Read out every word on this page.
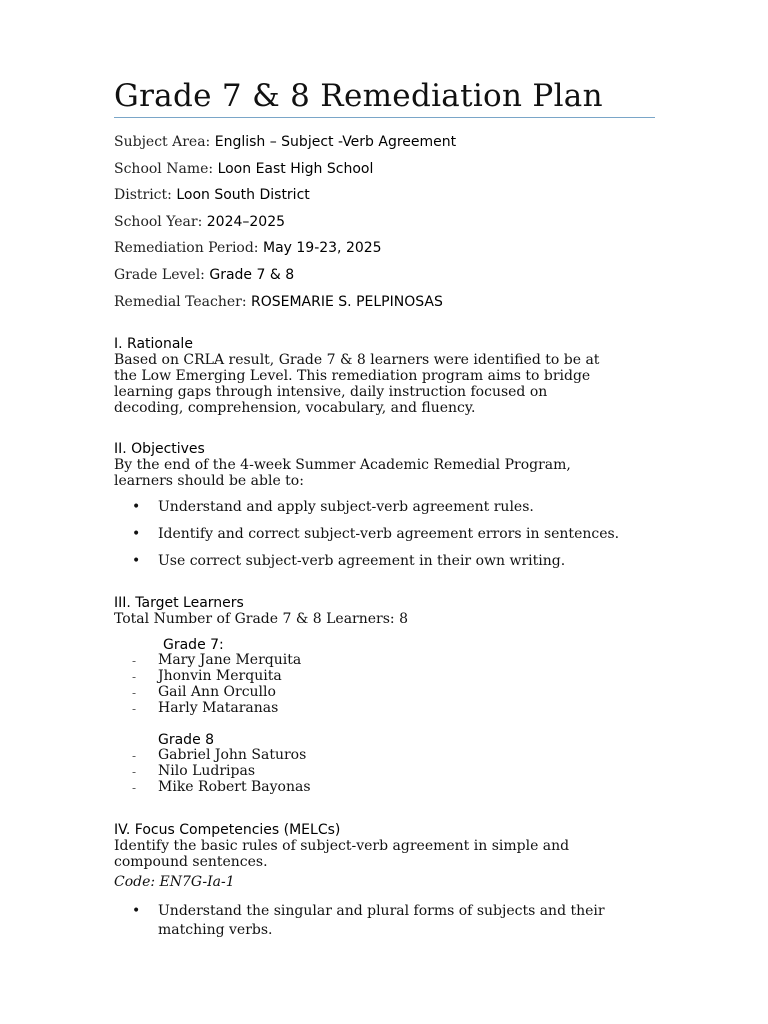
Grade 7 & 8 Remediation Plan
Subject Area: English – Subject -Verb Agreement
School Name: Loon East High School
District: Loon South District
School Year: 2024–2025
Remediation Period: May 19-23, 2025
Grade Level: Grade 7 & 8
Remedial Teacher: ROSEMARIE S. PELPINOSAS
I. Rationale
Based on CRLA result, Grade 7 & 8 learners were identified to be at
the Low Emerging Level. This remediation program aims to bridge
learning gaps through intensive, daily instruction focused on
decoding, comprehension, vocabulary, and fluency.
II. Objectives
By the end of the 4-week Summer Academic Remedial Program,
learners should be able to:
• Understand and apply subject-verb agreement rules.
• Identify and correct subject-verb agreement errors in sentences.
• Use correct subject-verb agreement in their own writing.
III. Target Learners
Total Number of Grade 7 & 8 Learners: 8
Grade 7:
- Mary Jane Merquita
- Jhonvin Merquita
- Gail Ann Orcullo
- Harly Mataranas
Grade 8
- Gabriel John Saturos
- Nilo Ludripas
- Mike Robert Bayonas
IV. Focus Competencies (MELCs)
Identify the basic rules of subject-verb agreement in simple and
compound sentences.
Code: EN7G-Ia-1
• Understand the singular and plural forms of subjects and their
matching verbs.
